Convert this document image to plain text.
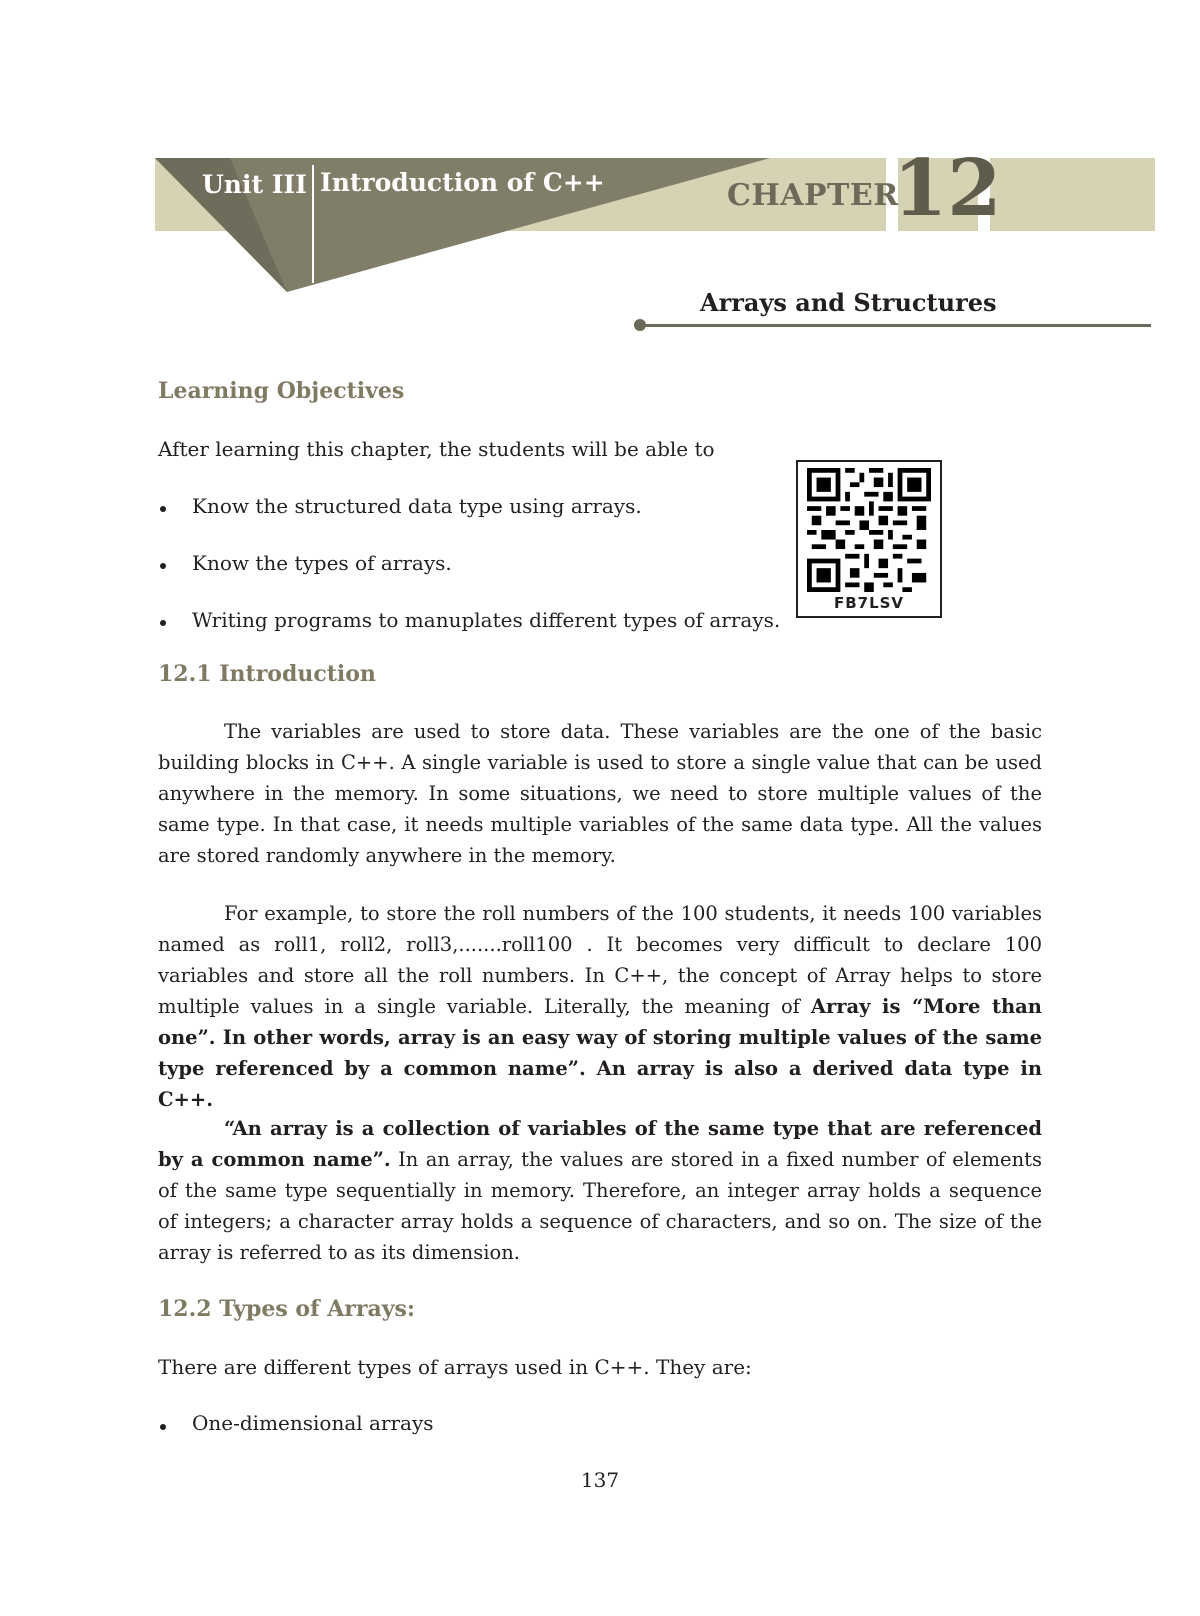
Unit III Introduction of C++	CHAPTER
12
Arrays and Structures
Learning Objectives
After learning this chapter, the students will be able to
Know the structured data type using arrays.
Know the types of arrays.
Writing programs to manuplates different types of arrays.
FB7LSV
12.1 Introduction

The variables are used to store data. These variables are the one of the basic building blocks in C++. A single variable is used to store a single value that can be used anywhere in the memory. In some situations, we need to store multiple values of the same type. In that case, it needs multiple variables of the same data type. All the values are stored randomly anywhere in the memory.

For example, to store the roll numbers of the 100 students, it needs 100 variables named as roll1, roll2, roll3,.......roll100 . It becomes very difficult to declare 100 variables and store all the roll numbers. In C++, the concept of Array helps to store multiple values in a single variable. Literally, the meaning of Array is “More than one”. In other words, array is an easy way of storing multiple values of the same type referenced by a common name”. An array is also a derived data type in C++.

“An array is a collection of variables of the same type that are referenced by a common name”. In an array, the values are stored in a fixed number of elements of the same type sequentially in memory. Therefore, an integer array holds a sequence of integers; a character array holds a sequence of characters, and so on. The size of the array is referred to as its dimension.

12.2 Types of Arrays:
There are different types of arrays used in C++. They are:
One-dimensional arrays
137
